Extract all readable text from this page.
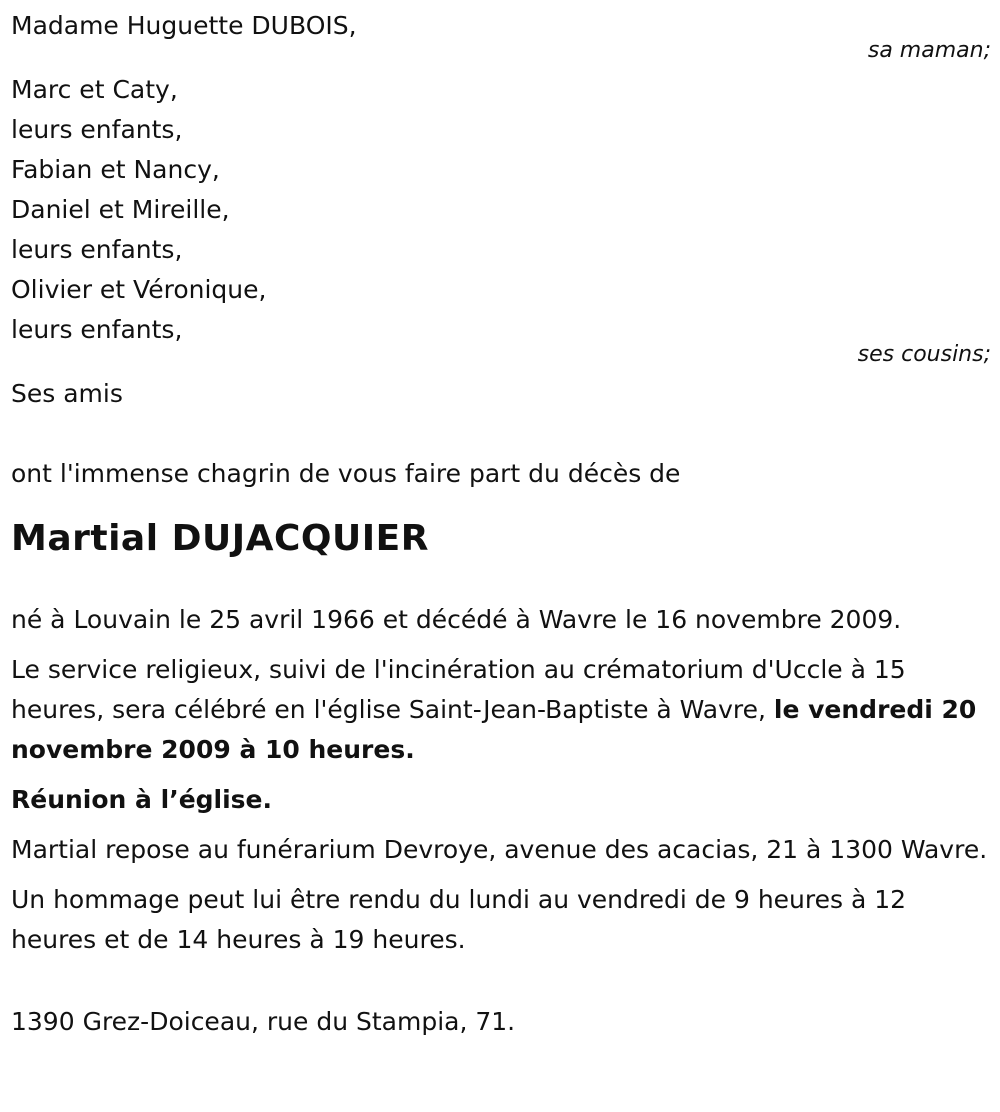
Madame Huguette DUBOIS,
sa maman;
Marc et Caty,
leurs enfants,
Fabian et Nancy,
Daniel et Mireille,
leurs enfants,
Olivier et Véronique,
leurs enfants,
ses cousins;
Ses amis
ont l'immense chagrin de vous faire part du décès de
Martial DUJACQUIER
né à Louvain le 25 avril 1966 et décédé à Wavre le 16 novembre 2009.
Le service religieux, suivi de l'incinération au crématorium d'Uccle à 15 heures, sera célébré en l'église Saint-Jean-Baptiste à Wavre, le vendredi 20 novembre 2009 à 10 heures.
Réunion à l’église.
Martial repose au funérarium Devroye, avenue des acacias, 21 à 1300 Wavre.
Un hommage peut lui être rendu du lundi au vendredi de 9 heures à 12 heures et de 14 heures à 19 heures.
1390 Grez-Doiceau, rue du Stampia, 71.
